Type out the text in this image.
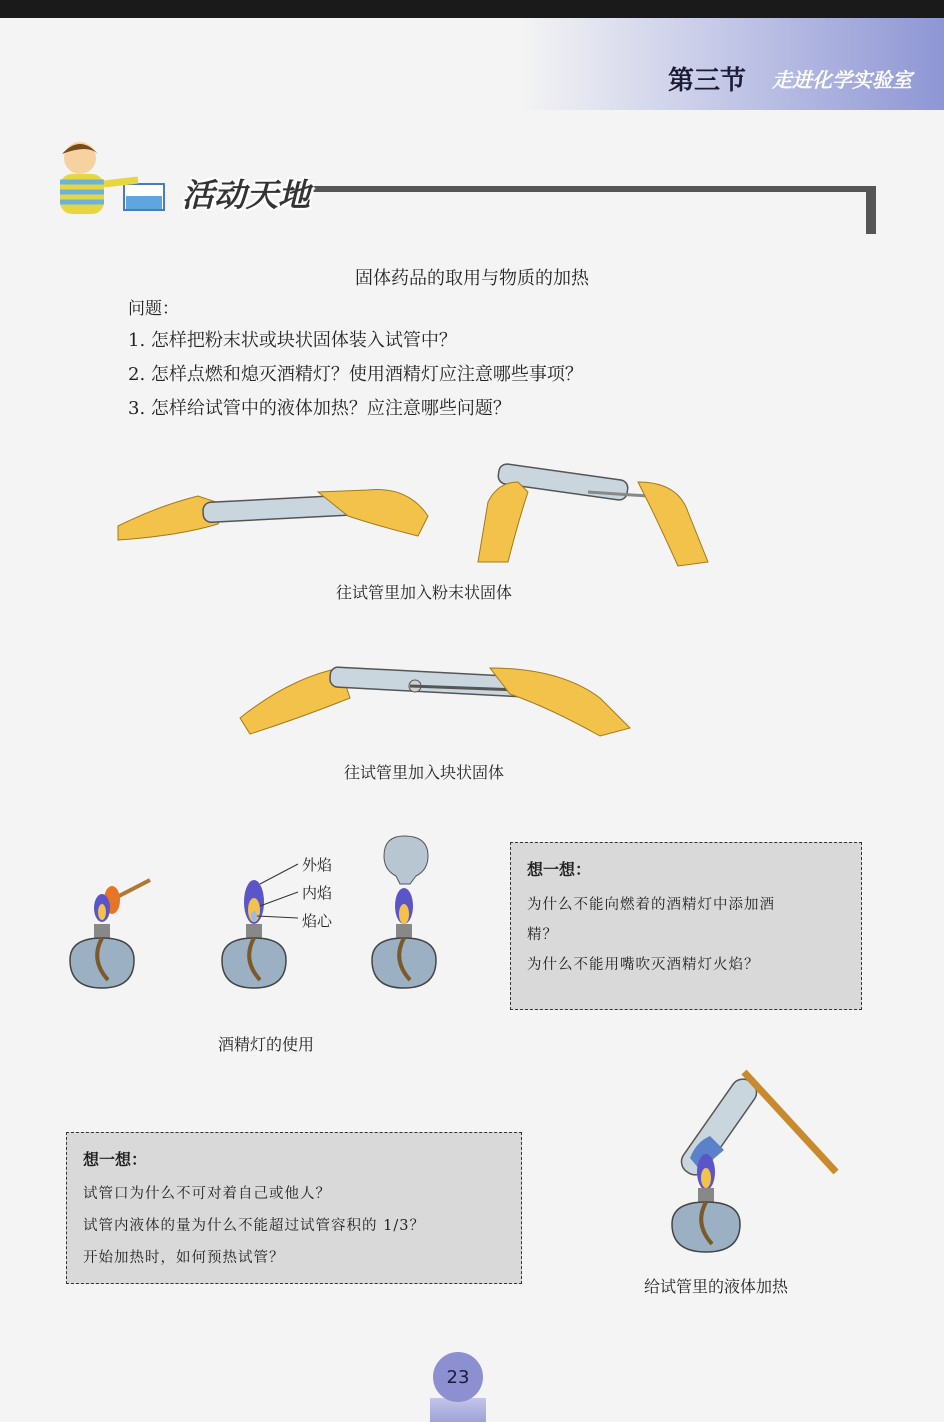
第三节 走进化学实验室
活动天地
固体药品的取用与物质的加热
问题：
1. 怎样把粉末状或块状固体装入试管中？
2. 怎样点燃和熄灭酒精灯？使用酒精灯应注意哪些事项？
3. 怎样给试管中的液体加热？应注意哪些问题？
往试管里加入粉末状固体
往试管里加入块状固体
外焰
内焰
焰心
酒精灯的使用
想一想：
为什么不能向燃着的酒精灯中添加酒
精？
为什么不能用嘴吹灭酒精灯火焰？
想一想：
试管口为什么不可对着自己或他人？
试管内液体的量为什么不能超过试管容积的 1/3？
开始加热时，如何预热试管？
给试管里的液体加热
23
